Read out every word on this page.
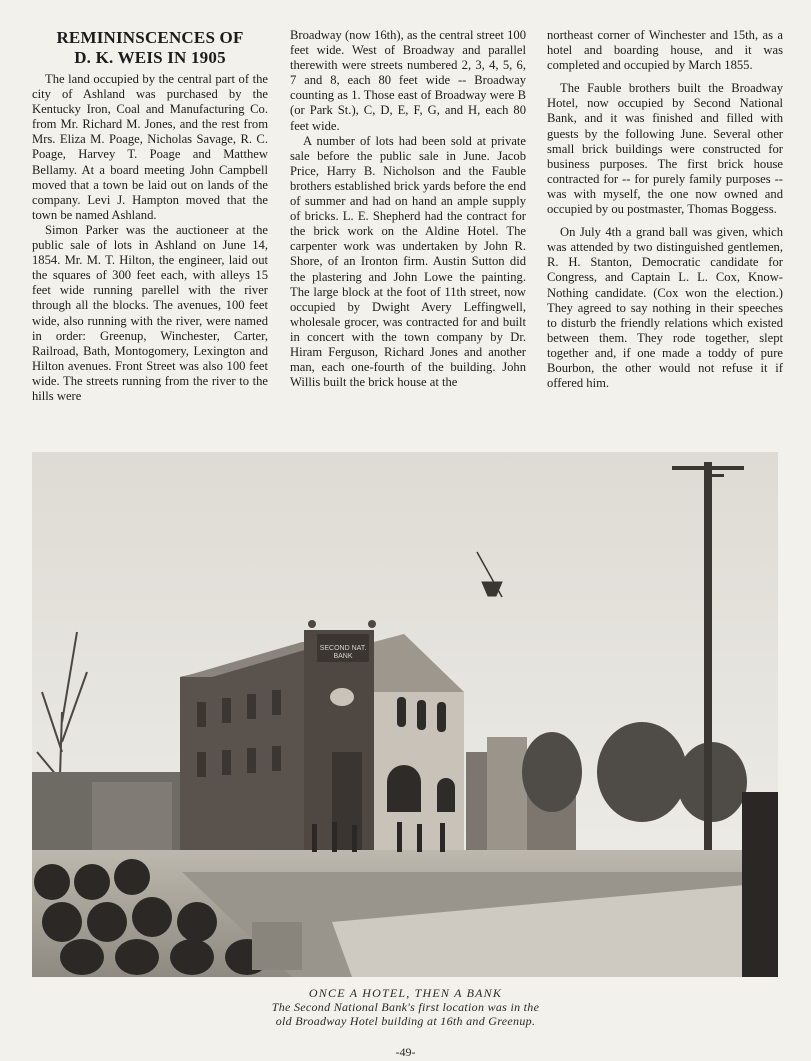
REMININSCENCES OF
D. K. WEIS IN 1905

The land occupied by the central part of the city of Ashland was purchased by the Kentucky Iron, Coal and Manufacturing Co. from Mr. Richard M. Jones, and the rest from Mrs. Eliza M. Poage, Nicholas Savage, R. C. Poage, Harvey T. Poage and Matthew Bellamy. At a board meeting John Campbell moved that a town be laid out on lands of the company. Levi J. Hampton moved that the town be named Ashland.

Simon Parker was the auctioneer at the public sale of lots in Ashland on June 14, 1854. Mr. M. T. Hilton, the engineer, laid out the squares of 300 feet each, with alleys 15 feet wide running parellel with the river through all the blocks. The avenues, 100 feet wide, also running with the river, were named in order: Greenup, Winchester, Carter, Railroad, Bath, Montogomery, Lexington and Hilton avenues. Front Street was also 100 feet wide. The streets running from the river to the hills were

Broadway (now 16th), as the central street 100 feet wide. West of Broadway and parallel therewith were streets numbered 2, 3, 4, 5, 6, 7 and 8, each 80 feet wide -- Broadway counting as 1. Those east of Broadway were B (or Park St.), C, D, E, F, G, and H, each 80 feet wide.

A number of lots had been sold at private sale before the public sale in June. Jacob Price, Harry B. Nicholson and the Fauble brothers established brick yards before the end of summer and had on hand an ample supply of bricks. L. E. Shepherd had the contract for the brick work on the Aldine Hotel. The carpenter work was undertaken by John R. Shore, of an Ironton firm. Austin Sutton did the plastering and John Lowe the painting. The large block at the foot of 11th street, now occupied by Dwight Avery Leffingwell, wholesale grocer, was contracted for and built in concert with the town company by Dr. Hiram Ferguson, Richard Jones and another man, each one-fourth of the building. John Willis built the brick house at the

northeast corner of Winchester and 15th, as a hotel and boarding house, and it was completed and occupied by March 1855.

The Fauble brothers built the Broadway Hotel, now occupied by Second National Bank, and it was finished and filled with guests by the following June. Several other small brick buildings were constructed for business purposes. The first brick house contracted for -- for purely family purposes -- was with myself, the one now owned and occupied by ou postmaster, Thomas Boggess.

On July 4th a grand ball was given, which was attended by two distinguished gentlemen, R. H. Stanton, Democratic candidate for Congress, and Captain L. L. Cox, Know-Nothing candidate. (Cox won the election.) They agreed to say nothing in their speeches to disturb the friendly relations which existed between them. They rode together, slept together and, if one made a toddy of pure Bourbon, the other would not refuse it if offered him.

SECOND NAT.
BANK
ONCE A HOTEL, THEN A BANK
The Second National Bank's first location was in the
old Broadway Hotel building at 16th and Greenup.
-49-
